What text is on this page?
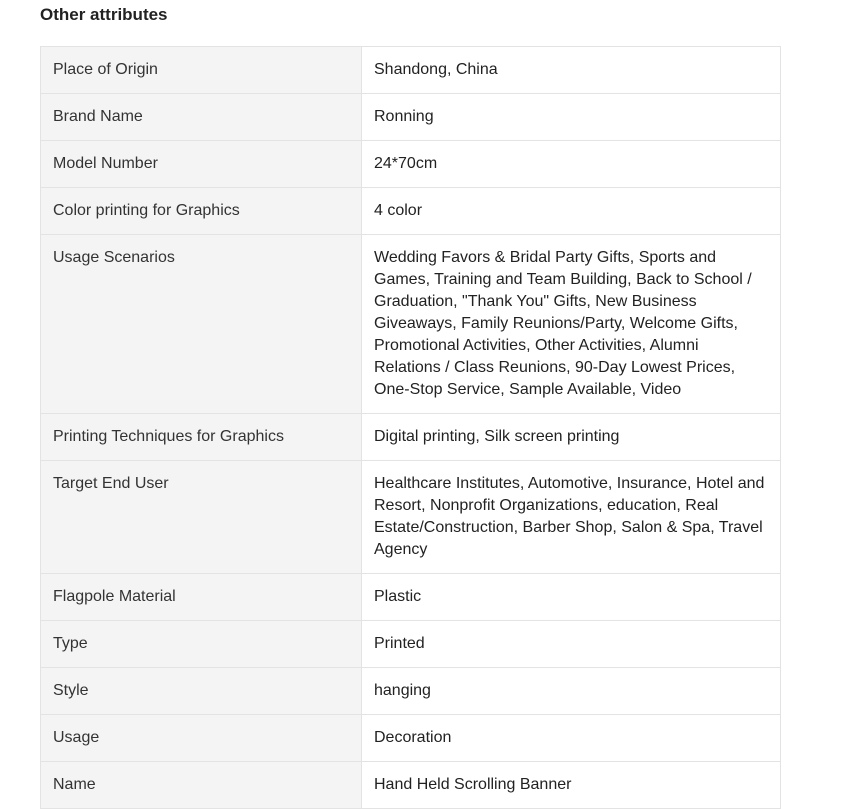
Other attributes
Place of Origin	Shandong, China
Brand Name	Ronning
Model Number	24*70cm
Color printing for Graphics	4 color
Usage Scenarios	Wedding Favors & Bridal Party Gifts, Sports and Games, Training and Team Building, Back to School / Graduation, "Thank You" Gifts, New Business Giveaways, Family Reunions/Party, Welcome Gifts, Promotional Activities, Other Activities, Alumni Relations / Class Reunions, 90-Day Lowest Prices, One-Stop Service, Sample Available, Video
Printing Techniques for Graphics	Digital printing, Silk screen printing
Target End User	Healthcare Institutes, Automotive, Insurance, Hotel and Resort, Nonprofit Organizations, education, Real Estate/Construction, Barber Shop, Salon & Spa, Travel Agency
Flagpole Material	Plastic
Type	Printed
Style	hanging
Usage	Decoration
Name	Hand Held Scrolling Banner
